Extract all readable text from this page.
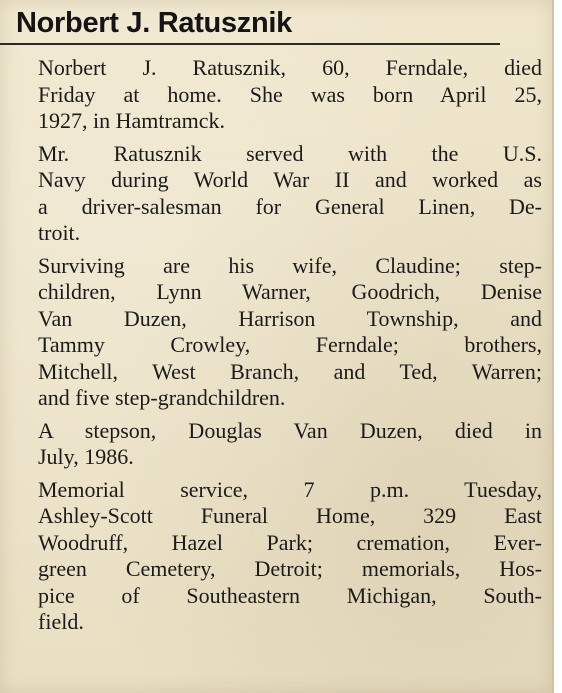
Norbert J. Ratusznik
Norbert J. Ratusznik, 60, Ferndale, died
Friday at home. She was born April 25,
1927, in Hamtramck.
Mr. Ratusznik served with the U.S.
Navy during World War II and worked as
a driver-salesman for General Linen, De-
troit.
Surviving are his wife, Claudine; step-
children, Lynn Warner, Goodrich, Denise
Van Duzen, Harrison Township, and
Tammy Crowley, Ferndale; brothers,
Mitchell, West Branch, and Ted, Warren;
and five step-grandchildren.
A stepson, Douglas Van Duzen, died in
July, 1986.
Memorial service, 7 p.m. Tuesday,
Ashley-Scott Funeral Home, 329 East
Woodruff, Hazel Park; cremation, Ever-
green Cemetery, Detroit; memorials, Hos-
pice of Southeastern Michigan, South-
field.
